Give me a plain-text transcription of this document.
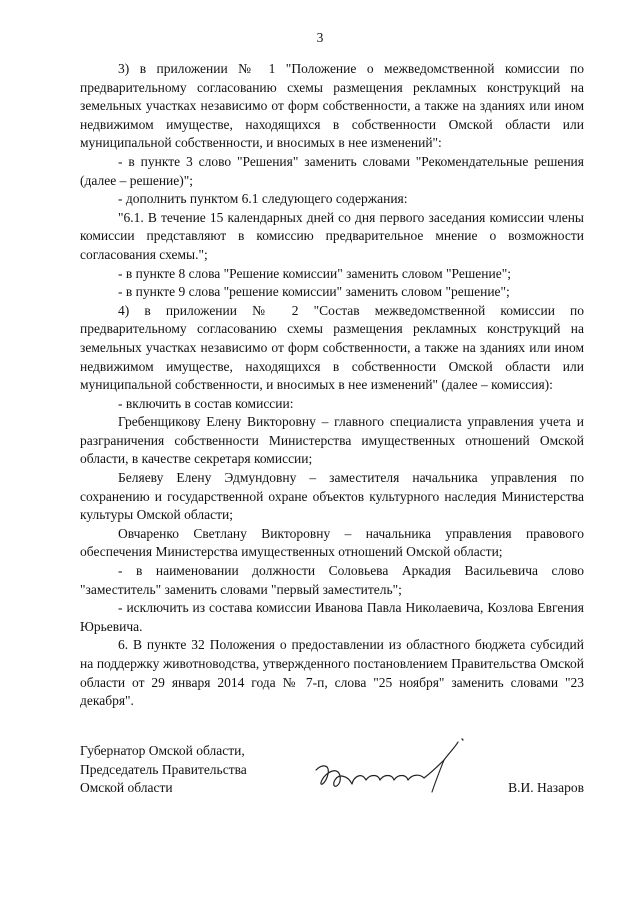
3

3) в приложении № 1 "Положение о межведомственной комиссии по предварительному согласованию схемы размещения рекламных конструкций на земельных участках независимо от форм собственности, а также на зданиях или ином недвижимом имуществе, находящихся в собственности Омской области или муниципальной собственности, и вносимых в нее изменений":

- в пункте 3 слово "Решения" заменить словами "Рекомендательные решения (далее – решение)";

- дополнить пунктом 6.1 следующего содержания:

"6.1. В течение 15 календарных дней со дня первого заседания комиссии члены комиссии представляют в комиссию предварительное мнение о возможности согласования схемы.";

- в пункте 8 слова "Решение комиссии" заменить словом "Решение";

- в пункте 9 слова "решение комиссии" заменить словом "решение";

4) в приложении № 2 "Состав межведомственной комиссии по предварительному согласованию схемы размещения рекламных конструкций на земельных участках независимо от форм собственности, а также на зданиях или ином недвижимом имуществе, находящихся в собственности Омской области или муниципальной собственности, и вносимых в нее изменений" (далее – комиссия):

- включить в состав комиссии:

Гребенщикову Елену Викторовну – главного специалиста управления учета и разграничения собственности Министерства имущественных отношений Омской области, в качестве секретаря комиссии;

Беляеву Елену Эдмундовну – заместителя начальника управления по сохранению и государственной охране объектов культурного наследия Министерства культуры Омской области;

Овчаренко Светлану Викторовну – начальника управления правового обеспечения Министерства имущественных отношений Омской области;

- в наименовании должности Соловьева Аркадия Васильевича слово "заместитель" заменить словами "первый заместитель";

- исключить из состава комиссии Иванова Павла Николаевича, Козлова Евгения Юрьевича.

6. В пункте 32 Положения о предоставлении из областного бюджета субсидий на поддержку животноводства, утвержденного постановлением Правительства Омской области от 29 января 2014 года № 7-п, слова "25 ноября" заменить словами "23 декабря".

Губернатор Омской области,
Председатель Правительства
Омской области	В.И. Назаров
